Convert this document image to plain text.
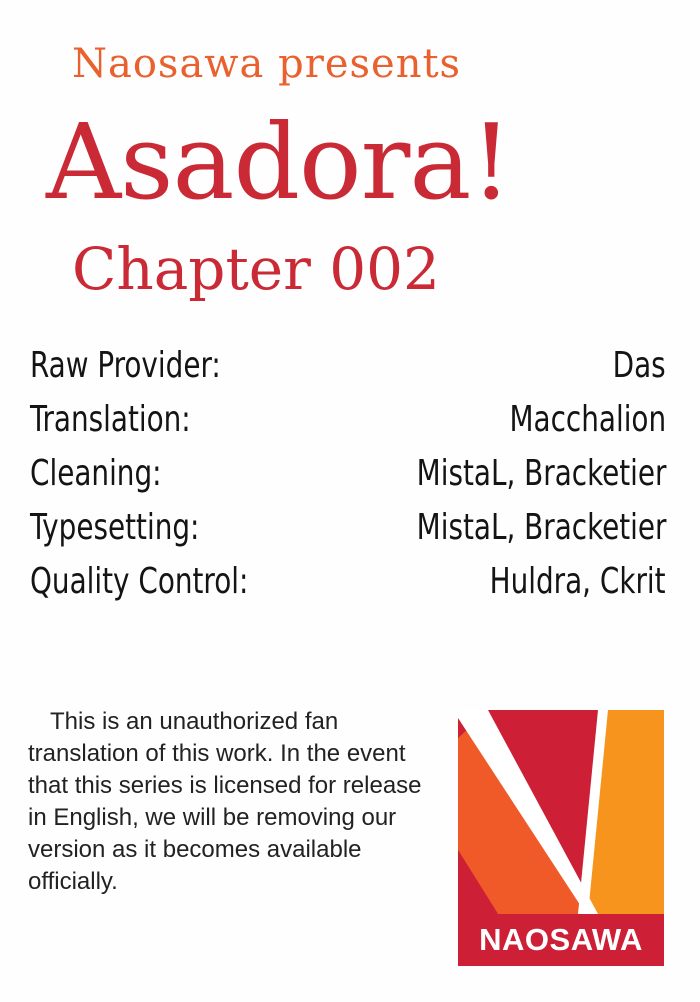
Naosawa presents
Asadora!
Chapter 002
Raw Provider:	Das
Translation:	Macchalion
Cleaning:	MistaL, Bracketier
Typesetting:	MistaL, Bracketier
Quality Control:	Huldra, Ckrit

This is an unauthorized fan translation of this work. In the event that this series is licensed for release in English, we will be removing our version as it becomes available officially.

NAOSAWA
